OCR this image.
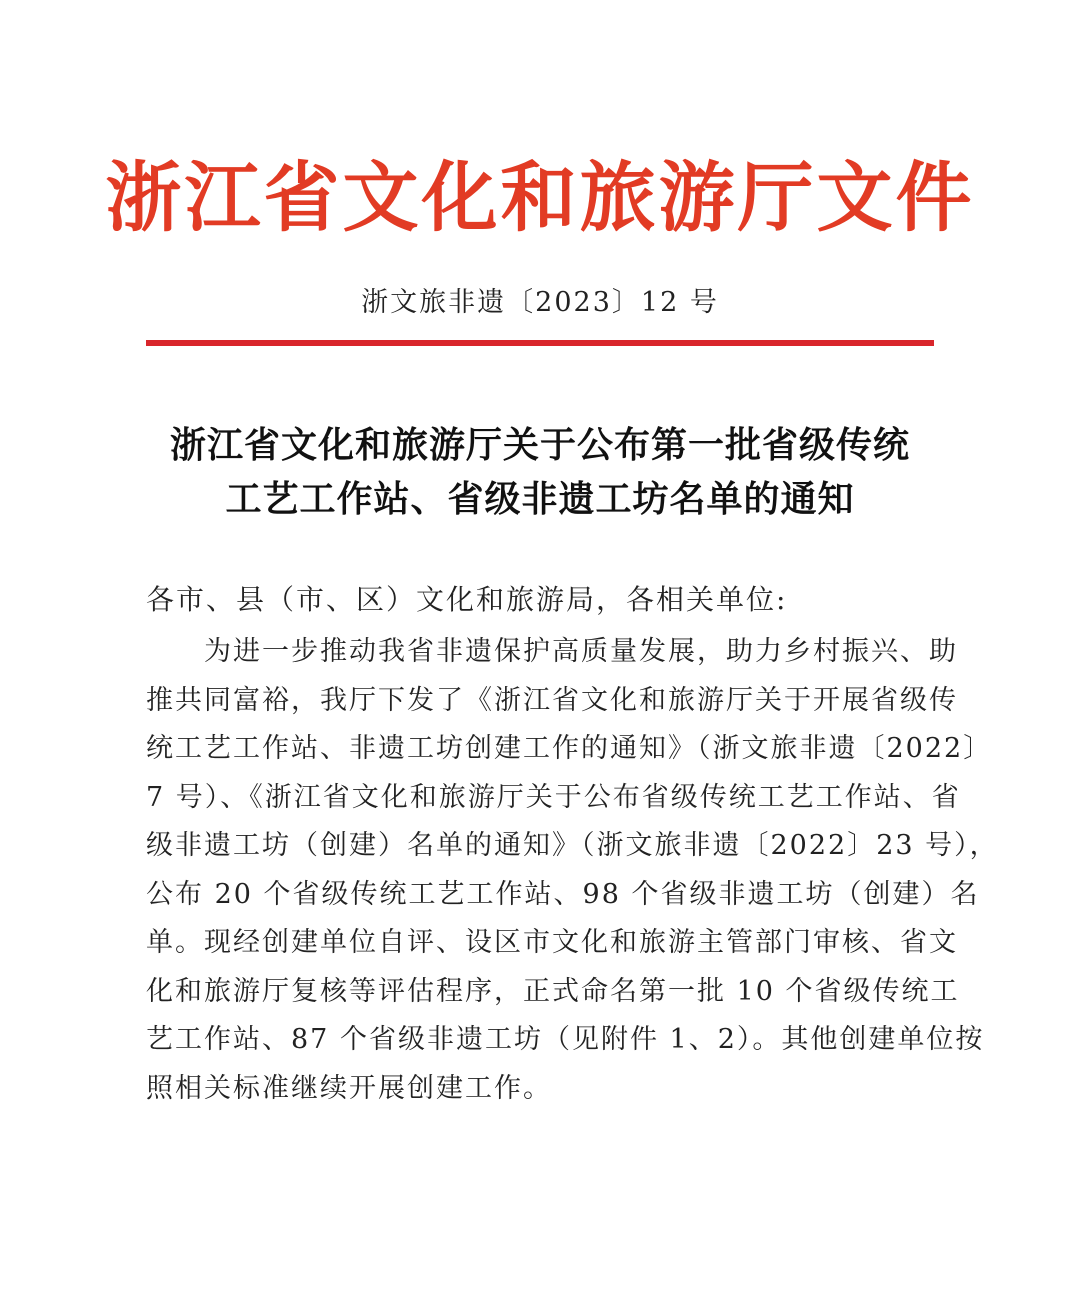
浙江省文化和旅游厅文件
浙文旅非遗〔2023〕12 号
浙江省文化和旅游厅关于公布第一批省级传统
工艺工作站、省级非遗工坊名单的通知
各市、县（市、区）文化和旅游局，各相关单位:
为进一步推动我省非遗保护高质量发展，助力乡村振兴、助
推共同富裕，我厅下发了《浙江省文化和旅游厅关于开展省级传
统工艺工作站、非遗工坊创建工作的通知》（浙文旅非遗〔2022〕
7 号）、《浙江省文化和旅游厅关于公布省级传统工艺工作站、省
级非遗工坊（创建）名单的通知》（浙文旅非遗〔2022〕23 号），
公布 20 个省级传统工艺工作站、98 个省级非遗工坊（创建）名
单。现经创建单位自评、设区市文化和旅游主管部门审核、省文
化和旅游厅复核等评估程序，正式命名第一批 10 个省级传统工
艺工作站、87 个省级非遗工坊（见附件 1、2）。其他创建单位按
照相关标准继续开展创建工作。
